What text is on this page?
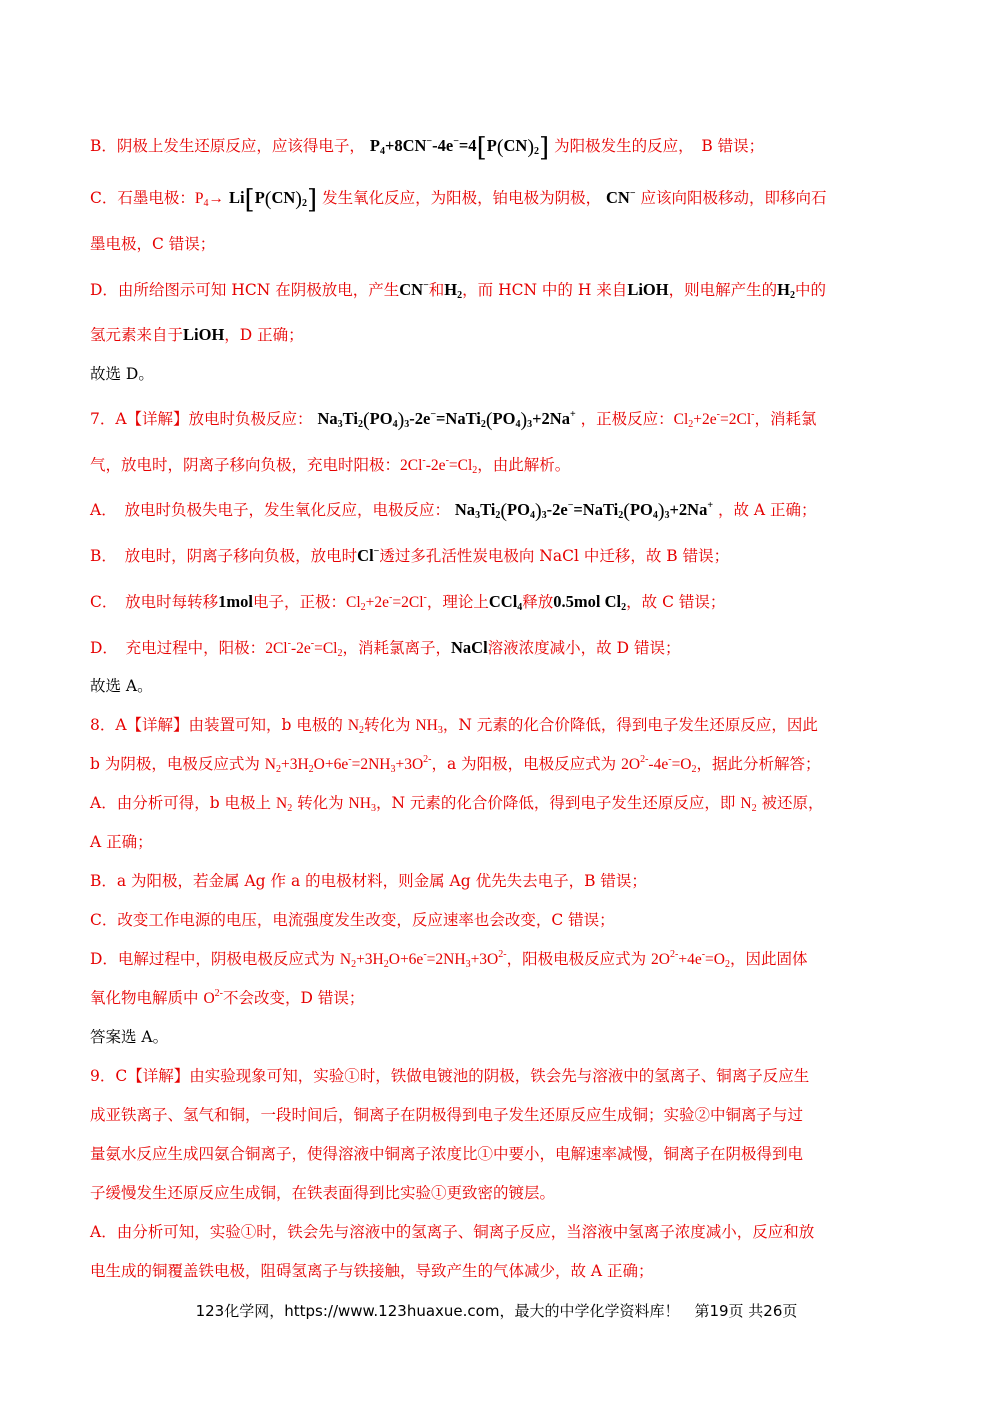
B．阴极上发生还原反应，应该得电子， $P_4+8CN^--4e^-=4[P(CN)_2]$ 为阳极发生的反应，　B 错误；
C．石墨电极：$P_4\to Li[P(CN)_2]$ 发生氧化反应，为阳极，铂电极为阴极， CN− 应该向阳极移动，即移向石
墨电极，C 错误；
D．由所给图示可知 HCN 在阴极放电，产生CN−和$H_2$，而 HCN 中的 H 来自LiOH，则电解产生的$H_2$中的
氢元素来自于LiOH，D 正确；
故选 D。
7．A【详解】放电时负极反应： $Na_3Ti_2(PO_4)_3-2e^-=NaTi_2(PO_4)_3+2Na^+$ ，正极反应：$Cl_2+2e^-=2Cl^-$，消耗氯
气，放电时，阴离子移向负极，充电时阳极：$2Cl^--2e^-=Cl_2$，由此解析。
A．　放电时负极失电子，发生氧化反应，电极反应： $Na_3Ti_2(PO_4)_3-2e^-=NaTi_2(PO_4)_3+2Na^+$ ，故 A 正确；
B．　放电时，阴离子移向负极，放电时Cl−透过多孔活性炭电极向 NaCl 中迁移，故 B 错误；
C．　放电时每转移1mol电子，正极：$Cl_2+2e^-=2Cl^-$，理论上CCl$_4$释放0.5mol $Cl_2$，故 C 错误；
D．　充电过程中，阳极：$2Cl^--2e^-=Cl_2$，消耗氯离子，NaCl溶液浓度减小，故 D 错误；
故选 A。
8．A【详解】由装置可知，b 电极的 $N_2$转化为 $NH_3$，N 元素的化合价降低，得到电子发生还原反应，因此
b 为阴极，电极反应式为 $N_2+3H_2O+6e^-=2NH_3+3O^{2-}$，a 为阳极，电极反应式为 $2O^{2-}-4e^-=O_2$，据此分析解答；
A．由分析可得，b 电极上 $N_2$ 转化为 $NH_3$，N 元素的化合价降低，得到电子发生还原反应，即 $N_2$ 被还原，
A 正确；
B．a 为阳极，若金属 Ag 作 a 的电极材料，则金属 Ag 优先失去电子，B 错误；
C．改变工作电源的电压，电流强度发生改变，反应速率也会改变，C 错误；
D．电解过程中，阴极电极反应式为 $N_2+3H_2O+6e^-=2NH_3+3O^{2-}$，阳极电极反应式为 $2O^{2-}+4e^-=O_2$，因此固体
氧化物电解质中 $O^{2-}$不会改变，D 错误；
答案选 A。
9．C【详解】由实验现象可知，实验①时，铁做电镀池的阴极，铁会先与溶液中的氢离子、铜离子反应生
成亚铁离子、氢气和铜，一段时间后，铜离子在阴极得到电子发生还原反应生成铜；实验②中铜离子与过
量氨水反应生成四氨合铜离子，使得溶液中铜离子浓度比①中要小，电解速率减慢，铜离子在阴极得到电
子缓慢发生还原反应生成铜，在铁表面得到比实验①更致密的镀层。
A．由分析可知，实验①时，铁会先与溶液中的氢离子、铜离子反应，当溶液中氢离子浓度减小，反应和放
电生成的铜覆盖铁电极，阻碍氢离子与铁接触，导致产生的气体减少，故 A 正确；
123化学网，https://www.123huaxue.com，最大的中学化学资料库！　第19页 共26页
